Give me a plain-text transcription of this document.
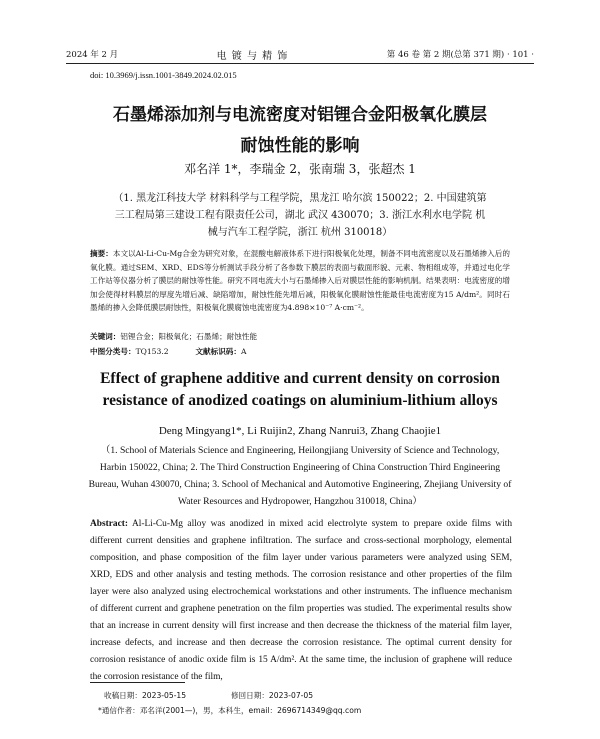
2024 年 2 月	电 镀 与 精 饰	第 46 卷 第 2 期(总第 371 期) · 101 ·
doi: 10.3969/j.issn.1001-3849.2024.02.015
石墨烯添加剂与电流密度对铝锂合金阳极氧化膜层
耐蚀性能的影响
邓名洋 1*，李瑞金 2，张南瑞 3，张超杰 1
（1. 黑龙江科技大学 材料科学与工程学院，黑龙江 哈尔滨 150022；2. 中国建筑第三工程局第三建设工程有限责任公司，湖北 武汉 430070；3. 浙江水利水电学院 机械与汽车工程学院，浙江 杭州 310018）
摘要：本文以Al-Li-Cu-Mg合金为研究对象，在混酸电解液体系下进行阳极氧化处理，制备不同电流密度以及石墨烯掺入后的氧化膜。通过SEM、XRD、EDS等分析测试手段分析了各参数下膜层的表面与截面形貌、元素、物相组成等，并通过电化学工作站等仪器分析了膜层的耐蚀等性能。研究不同电流大小与石墨烯掺入后对膜层性能的影响机制。结果表明：电流密度的增加会使得材料膜层的厚度先增后减、缺陷增加，耐蚀性能先增后减，阳极氧化膜耐蚀性能最佳电流密度为15 A/dm²。同时石墨烯的掺入会降低膜层耐蚀性，阳极氧化膜腐蚀电流密度为4.898×10⁻⁷ A·cm⁻²。
关键词：铝锂合金；阳极氧化；石墨烯；耐蚀性能
中图分类号：TQ153.2	文献标识码：A
Effect of graphene additive and current density on corrosion resistance of anodized coatings on aluminium-lithium alloys
Deng Mingyang1*, Li Ruijin2, Zhang Nanrui3, Zhang Chaojie1
（1. School of Materials Science and Engineering, Heilongjiang University of Science and Technology, Harbin 150022, China; 2. The Third Construction Engineering of China Construction Third Engineering Bureau, Wuhan 430070, China; 3. School of Mechanical and Automotive Engineering, Zhejiang University of Water Resources and Hydropower, Hangzhou 310018, China）
Abstract: Al-Li-Cu-Mg alloy was anodized in mixed acid electrolyte system to prepare oxide films with different current densities and graphene infiltration. The surface and cross-sectional morphology, elemental composition, and phase composition of the film layer under various parameters were analyzed using SEM, XRD, EDS and other analysis and testing methods. The corrosion resistance and other properties of the film layer were also analyzed using electrochemical workstations and other instruments. The influence mechanism of different current and graphene penetration on the film properties was studied. The experimental results show that an increase in current density will first increase and then decrease the thickness of the material film layer, increase defects, and increase and then decrease the corrosion resistance. The optimal current density for corrosion resistance of anodic oxide film is 15 A/dm². At the same time, the inclusion of graphene will reduce the corrosion resistance of the film,
收稿日期：2023-05-15	修回日期：2023-07-05
*通信作者：邓名洋(2001—)，男，本科生，email：2696714349@qq.com
